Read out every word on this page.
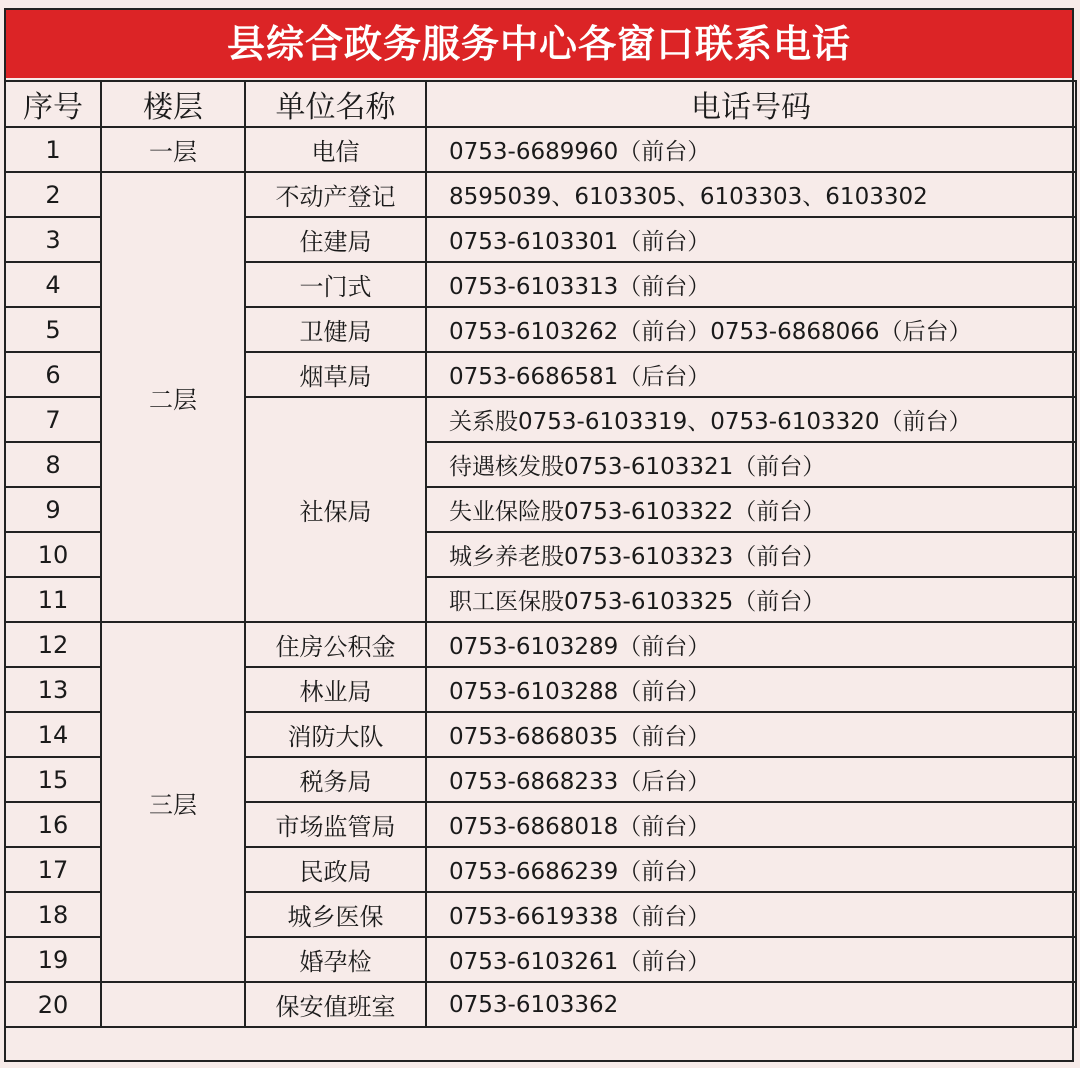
县综合政务服务中心各窗口联系电话
序号	楼层	单位名称	电话号码
1	一层	电信	0753-6689960（前台）
2	二层	不动产登记	8595039、6103305、6103303、6103302
3		住建局	0753-6103301（前台）
4		一门式	0753-6103313（前台）
5		卫健局	0753-6103262（前台）0753-6868066（后台）
6		烟草局	0753-6686581（后台）
7		社保局	关系股0753-6103319、0753-6103320（前台）
8			待遇核发股0753-6103321（前台）
9			失业保险股0753-6103322（前台）
10			城乡养老股0753-6103323（前台）
11			职工医保股0753-6103325（前台）
12	三层	住房公积金	0753-6103289（前台）
13		林业局	0753-6103288（前台）
14		消防大队	0753-6868035（前台）
15		税务局	0753-6868233（后台）
16		市场监管局	0753-6868018（前台）
17		民政局	0753-6686239（前台）
18		城乡医保	0753-6619338（前台）
19		婚孕检	0753-6103261（前台）
20		保安值班室	0753-6103362
